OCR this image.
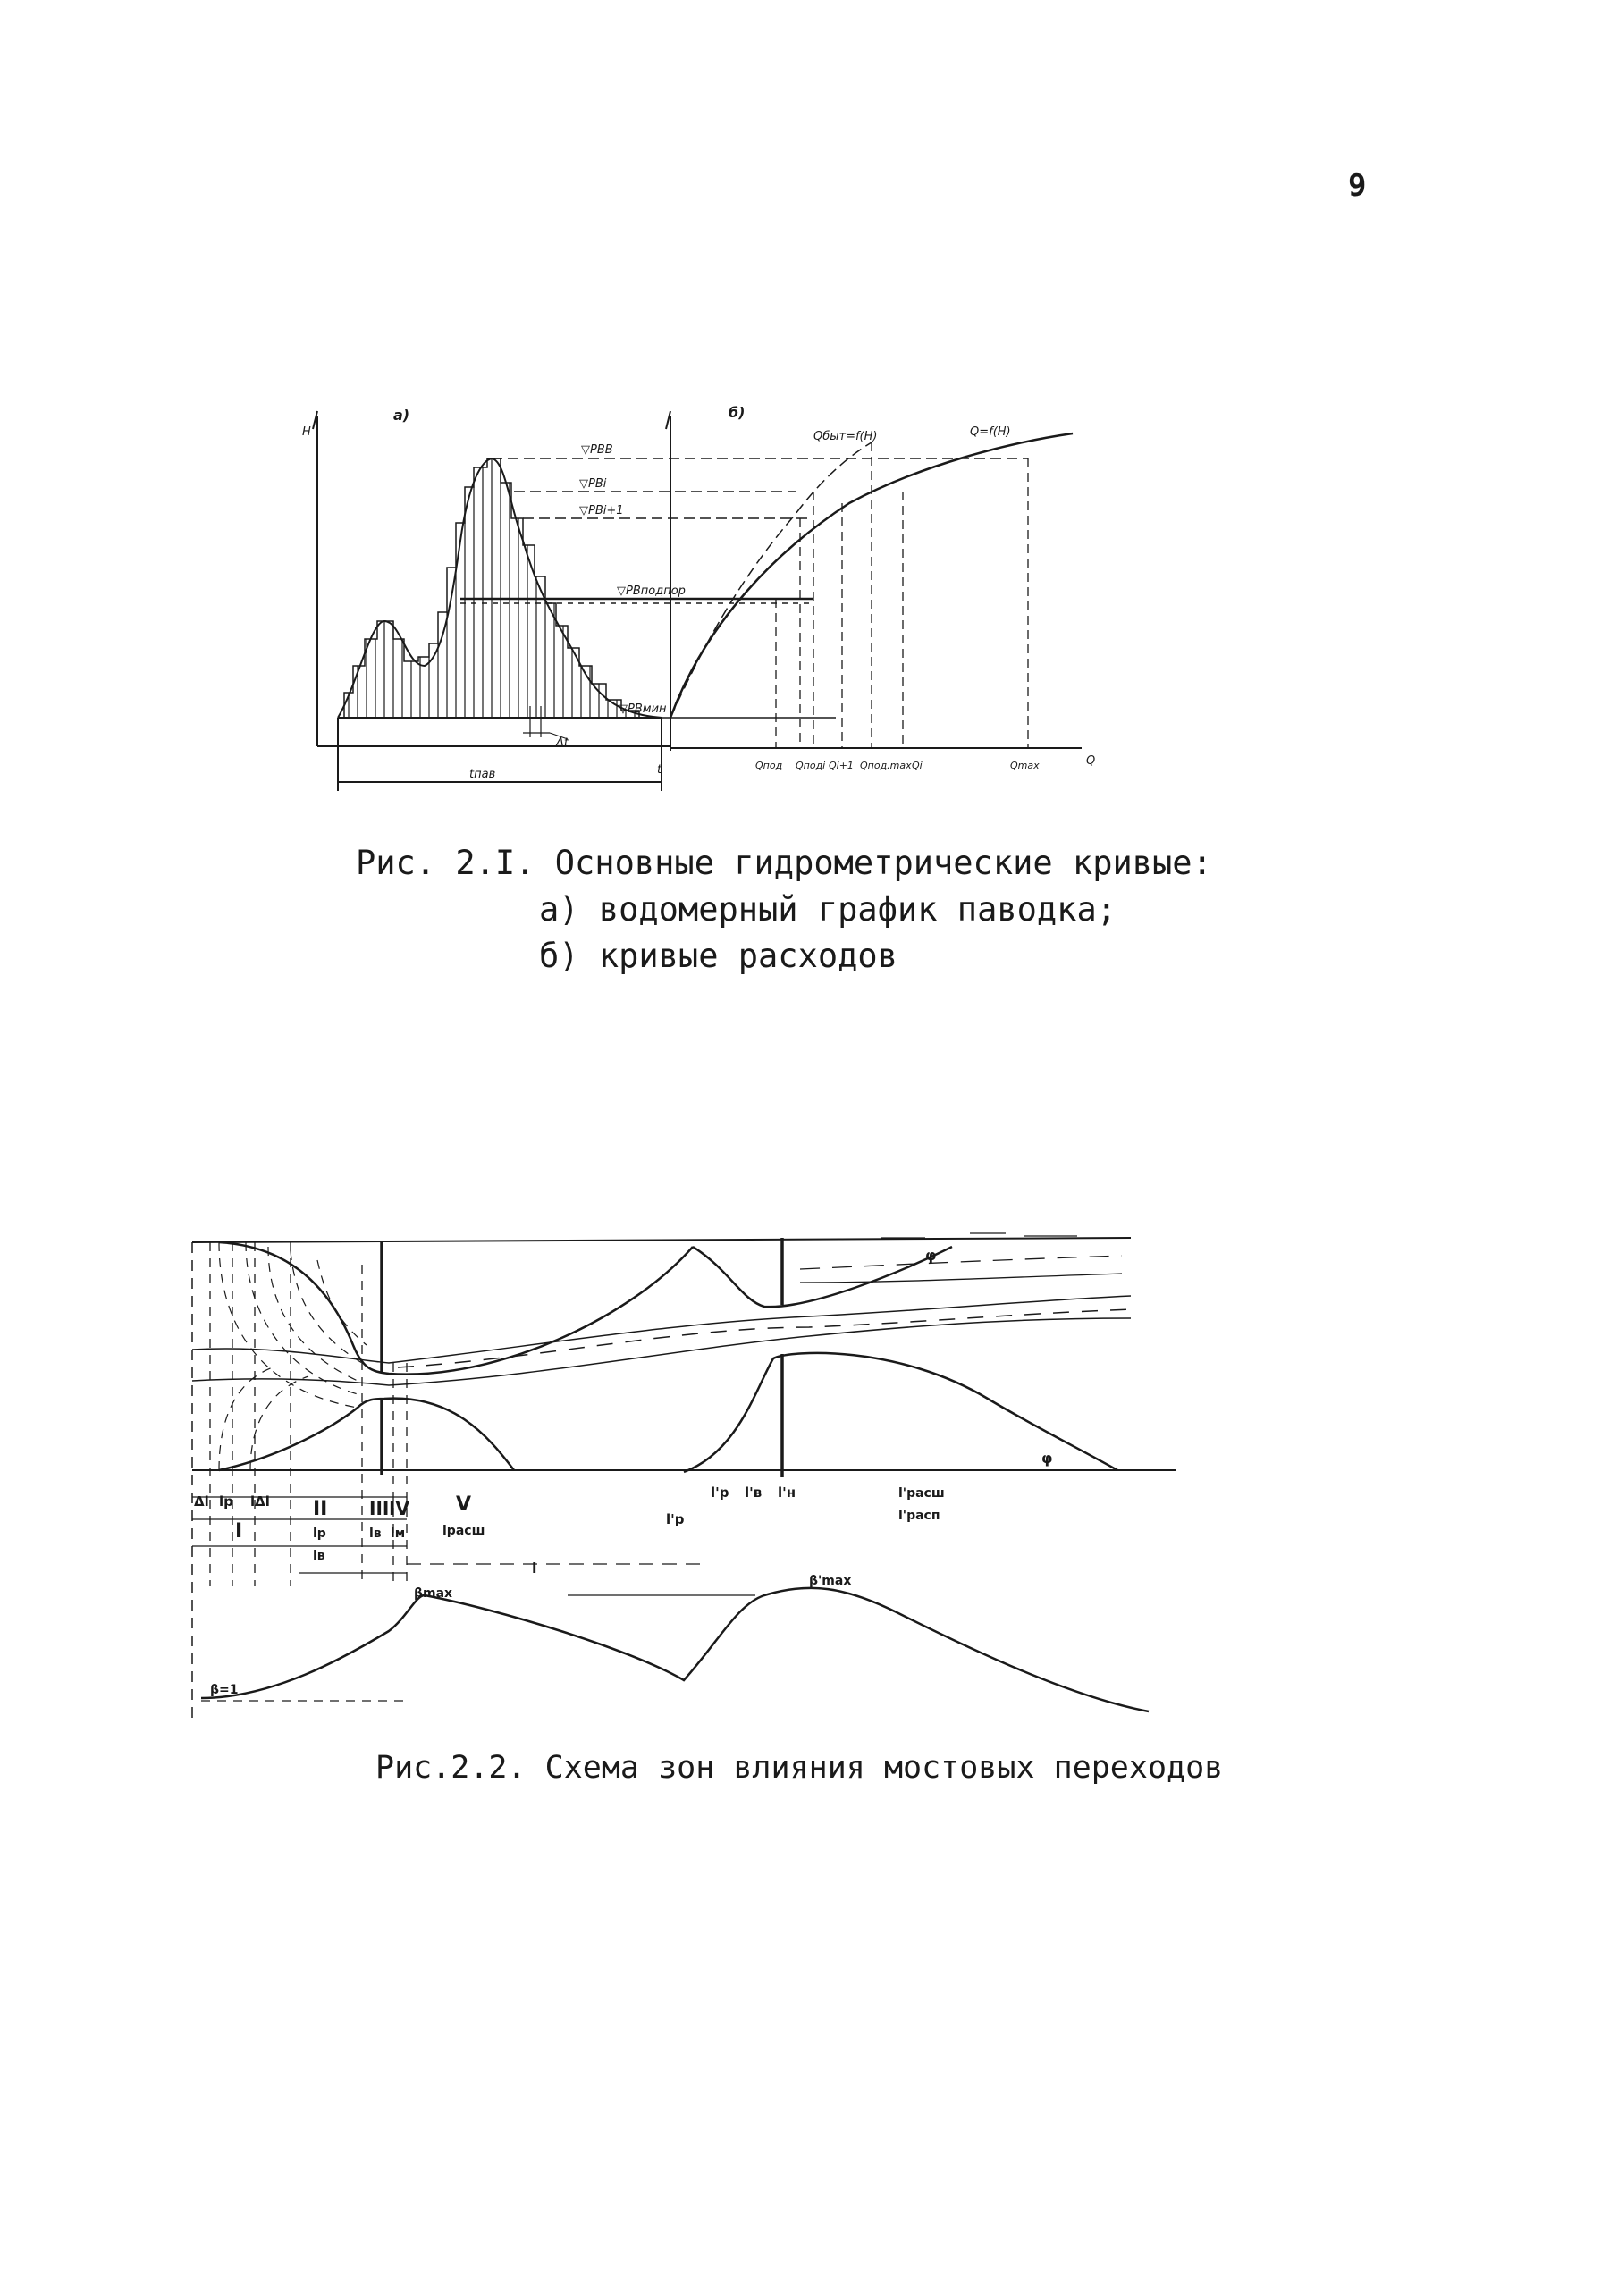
9
H
а)	б)
▽РВВ
▽РВi
▽РВi+1
▽РВподпор
▽РВмин
Δt
tпав	t
Q
Qбыт=f(H)	Q=f(H)
Qпод Qподi Qi+1 Qпод.max Qi	Qmax
Рис. 2.I. Основные гидрометрические кривые:
а) водомерный график паводка;
б) кривые расходов
Δl lр lΔl
I
II III IV V
lр
lв
lв lм	lрасш
l
l'р l'в l'н
l'р
l'расш
l'расп
βmax
β'max
β=1
φ
φ
Рис.2.2. Схема зон влияния мостовых переходов
